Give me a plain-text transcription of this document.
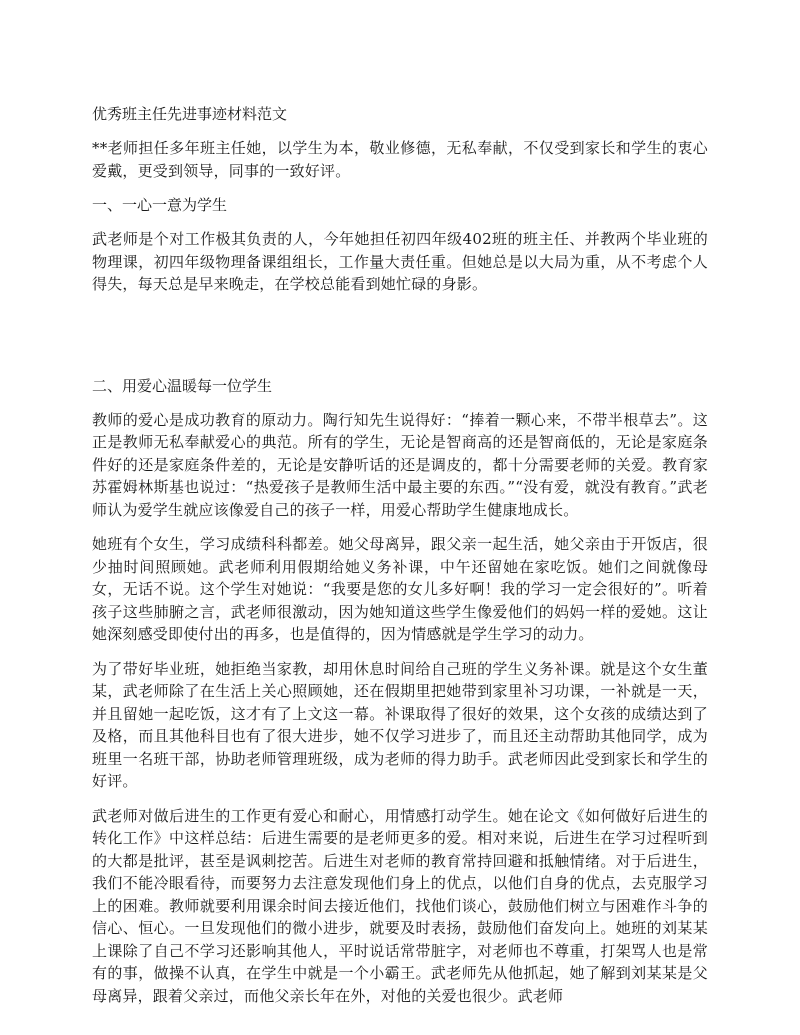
优秀班主任先进事迹材料范文

**老师担任多年班主任她，以学生为本，敬业修德，无私奉献，不仅受到家长和学生的衷心爱戴，更受到领导，同事的一致好评。

一、一心一意为学生

武老师是个对工作极其负责的人，今年她担任初四年级402班的班主任、并教两个毕业班的物理课，初四年级物理备课组组长，工作量大责任重。但她总是以大局为重，从不考虑个人得失，每天总是早来晚走，在学校总能看到她忙碌的身影。

二、用爱心温暖每一位学生

教师的爱心是成功教育的原动力。陶行知先生说得好：“捧着一颗心来，不带半根草去”。这正是教师无私奉献爱心的典范。所有的学生，无论是智商高的还是智商低的，无论是家庭条件好的还是家庭条件差的，无论是安静听话的还是调皮的，都十分需要老师的关爱。教育家苏霍姆林斯基也说过：“热爱孩子是教师生活中最主要的东西。”“没有爱，就没有教育。”武老师认为爱学生就应该像爱自己的孩子一样，用爱心帮助学生健康地成长。

她班有个女生，学习成绩科科都差。她父母离异，跟父亲一起生活，她父亲由于开饭店，很少抽时间照顾她。武老师利用假期给她义务补课，中午还留她在家吃饭。她们之间就像母女，无话不说。这个学生对她说：“我要是您的女儿多好啊！我的学习一定会很好的”。听着孩子这些肺腑之言，武老师很激动，因为她知道这些学生像爱他们的妈妈一样的爱她。这让她深刻感受即使付出的再多，也是值得的，因为情感就是学生学习的动力。

为了带好毕业班，她拒绝当家教，却用休息时间给自己班的学生义务补课。就是这个女生董某，武老师除了在生活上关心照顾她，还在假期里把她带到家里补习功课，一补就是一天，并且留她一起吃饭，这才有了上文这一幕。补课取得了很好的效果，这个女孩的成绩达到了及格，而且其他科目也有了很大进步，她不仅学习进步了，而且还主动帮助其他同学，成为班里一名班干部，协助老师管理班级，成为老师的得力助手。武老师因此受到家长和学生的好评。

武老师对做后进生的工作更有爱心和耐心，用情感打动学生。她在论文《如何做好后进生的转化工作》中这样总结：后进生需要的是老师更多的爱。相对来说，后进生在学习过程听到的大都是批评，甚至是讽刺挖苦。后进生对老师的教育常持回避和抵触情绪。对于后进生，我们不能冷眼看待，而要努力去注意发现他们身上的优点，以他们自身的优点，去克服学习上的困难。教师就要利用课余时间去接近他们，找他们谈心，鼓励他们树立与困难作斗争的信心、恒心。一旦发现他们的微小进步，就要及时表扬，鼓励他们奋发向上。她班的刘某某上课除了自己不学习还影响其他人，平时说话常带脏字，对老师也不尊重，打架骂人也是常有的事，做操不认真，在学生中就是一个小霸王。武老师先从他抓起，她了解到刘某某是父母离异，跟着父亲过，而他父亲长年在外，对他的关爱也很少。武老师
